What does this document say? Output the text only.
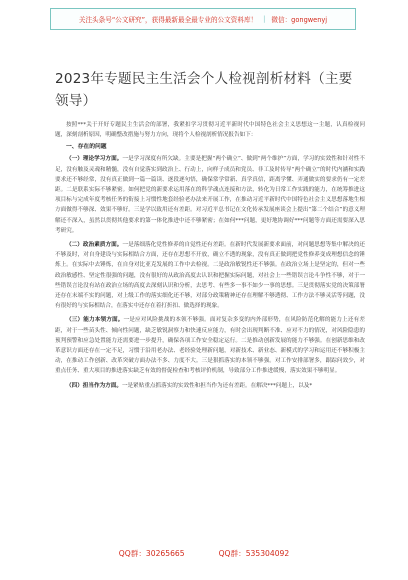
关注头条号“公文研究”，获得最新最全最专业的公文资料库！ | 微信：gongwenyj
2023年专题民主生活会个人检视剖析材料（主要领导）

按照***关于开好专题民主生活会的部署，我紧扣学习贯彻习近平新时代中国特色社会主义思想这一主题，认真检视问题，深刻剖析原因，明确整改措施与努力方向，现将个人检视剖析情况报告如下：

一、存在的问题

（一）理论学习方面。一是学习深度有所欠缺。主要是把握“两个确立”、做到“两个维护”方面，学习的实效性和针对性不足，没有触及灵魂和精髓，没有自觉落实到政治上、行动上，向样子成员和党员、非工及时传导“两个确立”的时代内涵和实践要求还不够经常，没有真正做到一篇一篇读、逐段逐句悟，确保常学常新、真学真信，距离学懂、弄通做实的要求仍有一定差距。二是联系实际不够紧密。如何把党的新要求运用落在的科学魂点连接和方法，转化为日常工作实践的能力，在统筹推进这项目标与完成年度考核任务的衔接上习惯性地套经验老办法来开展工作，在推动习近平新时代中国特色社会主义思想落地生根方面做得不够深、效果不够好。三是学以致用还有差距。对习近平总书记在文化传承发展座谈会上提出“第二个结合”的意义理解还不深入，虽然以贯彻其他要求的第一体化推进中还不够紧密；在如何***问题，更好地协调好***问题等方面还需要深入思考研究。

（二）政治素质方面。一是落细落化党性修养的自觉性还有差距。在新时代发展新要求面前，对问题思想等集中解决的还不够及时，对自身建设与实际相结合方面，还存在思想不开放，确立不透的现象，没有真正做到把党性修养变成理想信念的锤炼上。在实际中去锤炼，在自身对比亚克发展的工作中去检视。二是政治敏锐性还不够强。在政治立场上是坚定的，但对一些政治敏感性、坚定性很强的问题，没有很好的从政治高度去认识和把握实际问题，对社会上一些错误言论斗争性不够，对于一些错误言论没有站在政治立场的高度去深刻认识和分析，去思考、有些多一事不如少一事的思想。三是贯彻落实党的决策部署还存在末端不实的问题，对上级工作的落实细化还不够，对部分政策精神还存在理解不够透彻、工作方法不够灵活等问题，没有很好的与实际相结合，在落实中还存在着打折扣、做选择的现象。

（三）能力本领方面。一是应对风险挑战的本领不够强。面对复杂多变的内外部形势，在风险防范化解的能力上还有差距，对于一些苗头性、倾向性问题，缺乏敏锐洞察力和快速反应能力，有时会出现判断不准、应对不力的情况，对风险隐患的预判预警和应急处置能力还需要进一步提升，确保各项工作安全稳定运行。二是推动创新发展的能力不够强。在创新思维和改革意识方面还存在一定不足，习惯于沿用老办法、老经验处理新问题，对新技术、新业态、新模式的学习和运用还不够积极主动，在推动工作创新、改革突破方面办法不多、力度不大。三是狠抓落实的本领不够强。对工作安排部署多，跟踪问效少，对重点任务、重大项目的推进落实缺乏有效的督促检查和考核评价机制，导致部分工作推进缓慢，落实效果不够明显。

（四）担当作为方面。一是紧贴重点抓落实的实效性和担当作为还有差距。在解决***问题上，以及*

QQ群：30265665	QQ群：535304092
